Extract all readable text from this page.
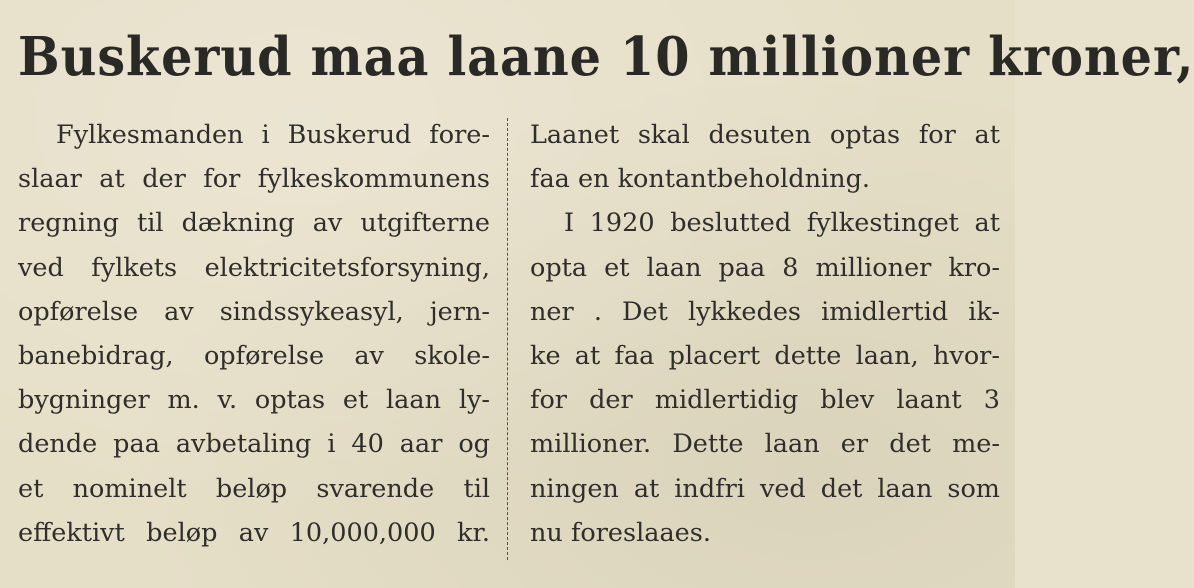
Buskerud maa laane 10 millioner kroner,
Fylkesmanden i Buskerud fore-
slaar at der for fylkeskommunens
regning til dækning av utgifterne
ved fylkets elektricitetsforsyning,
opførelse av sindssykeasyl, jern-
banebidrag, opførelse av skole-
bygninger m. v. optas et laan ly-
dende paa avbetaling i 40 aar og
et nominelt beløp svarende til
effektivt beløp av 10,000,000 kr.
Laanet skal desuten optas for at
faa en kontantbeholdning.
I 1920 beslutted fylkestinget at
opta et laan paa 8 millioner kro-
ner . Det lykkedes imidlertid ik-
ke at faa placert dette laan, hvor-
for der midlertidig blev laant 3
millioner. Dette laan er det me-
ningen at indfri ved det laan som
nu foreslaaes.
